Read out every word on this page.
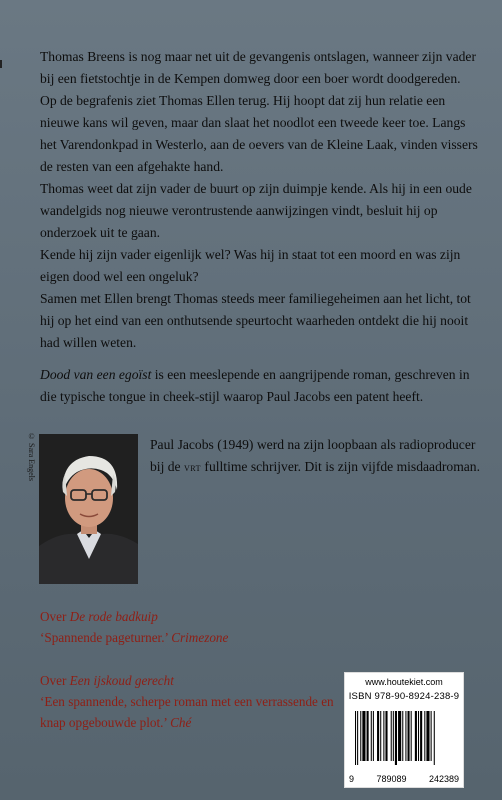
Thomas Breens is nog maar net uit de gevangenis ontslagen, wanneer zijn vader bij een fietstochtje in de Kempen domweg door een boer wordt doodgereden. Op de begrafenis ziet Thomas Ellen terug. Hij hoopt dat zij hun relatie een nieuwe kans wil geven, maar dan slaat het noodlot een tweede keer toe. Langs het Varendonkpad in Westerlo, aan de oevers van de Kleine Laak, vinden vissers de resten van een afgehakte hand.

Thomas weet dat zijn vader de buurt op zijn duimpje kende. Als hij in een oude wandelgids nog nieuwe verontrustende aanwijzingen vindt, besluit hij op onderzoek uit te gaan.

Kende hij zijn vader eigenlijk wel? Was hij in staat tot een moord en was zijn eigen dood wel een ongeluk?

Samen met Ellen brengt Thomas steeds meer familiegeheimen aan het licht, tot hij op het eind van een onthutsende speurtocht waarheden ontdekt die hij nooit had willen weten.

Dood van een egoïst is een meeslepende en aangrijpende roman, geschreven in die typische tongue in cheek-stijl waarop Paul Jacobs een patent heeft.

© Sara Engels	Paul Jacobs (1949) werd na zijn loopbaan als radioproducer bij de vrt fulltime schrijver. Dit is zijn vijfde misdaadroman.

Over De rode badkuip

‘Spannende pageturner.’ Crimezone

Over Een ijskoud gerecht

‘Een spannende, scherpe roman met een verrassende en knap opgebouwde plot.’ Ché

www.houtekiet.com
ISBN 978-90-8924-238-9
9 789089 242389
